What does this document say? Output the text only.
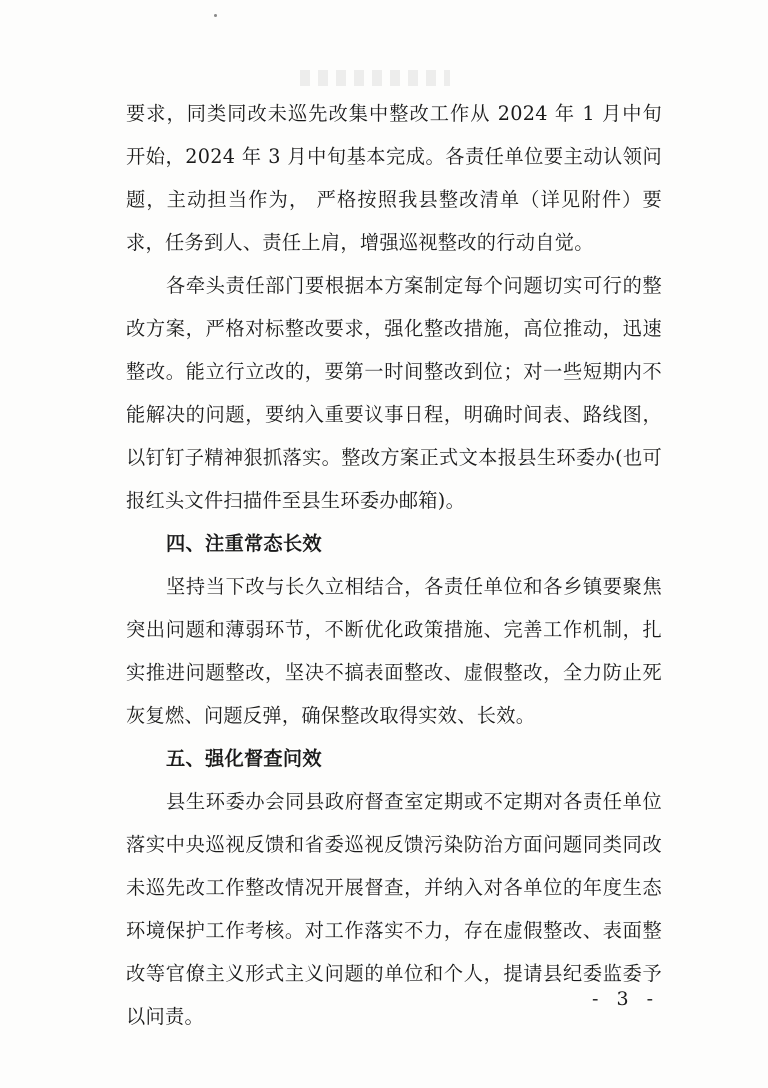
要求，同类同改未巡先改集中整改工作从 2024 年 1 月中旬开始，2024 年 3 月中旬基本完成。各责任单位要主动认领问题，主动担当作为， 严格按照我县整改清单（详见附件）要求，任务到人、责任上肩，增强巡视整改的行动自觉。

各牵头责任部门要根据本方案制定每个问题切实可行的整改方案，严格对标整改要求，强化整改措施，高位推动，迅速整改。能立行立改的，要第一时间整改到位；对一些短期内不能解决的问题，要纳入重要议事日程，明确时间表、路线图，以钉钉子精神狠抓落实。整改方案正式文本报县生环委办(也可报红头文件扫描件至县生环委办邮箱)。

四、注重常态长效

坚持当下改与长久立相结合，各责任单位和各乡镇要聚焦突出问题和薄弱环节，不断优化政策措施、完善工作机制，扎实推进问题整改，坚决不搞表面整改、虚假整改，全力防止死灰复燃、问题反弹，确保整改取得实效、长效。

五、强化督查问效

县生环委办会同县政府督查室定期或不定期对各责任单位落实中央巡视反馈和省委巡视反馈污染防治方面问题同类同改未巡先改工作整改情况开展督查，并纳入对各单位的年度生态环境保护工作考核。对工作落实不力，存在虚假整改、表面整改等官僚主义形式主义问题的单位和个人，提请县纪委监委予以问责。

- 3 -
